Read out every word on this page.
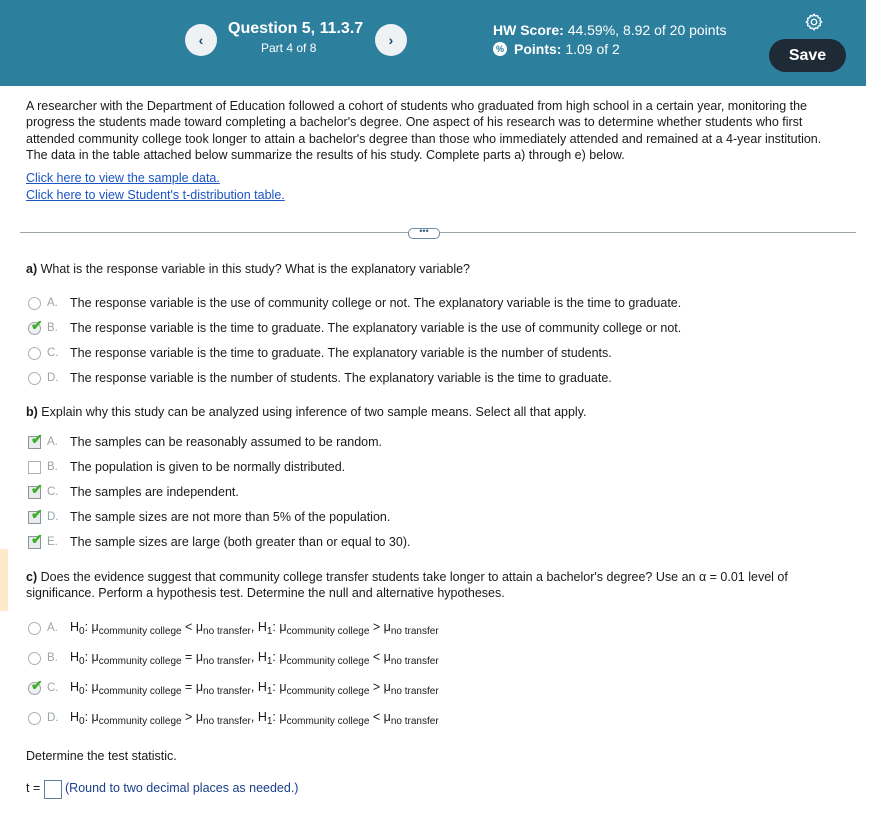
‹
Question 5, 11.3.7
Part 4 of 8	›
HW Score: 44.59%, 8.92 of 20 points
% Points:
1.09 of 2	Save
A researcher with the Department of Education followed a cohort of students who graduated from high school in a certain year, monitoring the progress the students made toward completing a bachelor's degree. One aspect of his research was to determine whether students who first attended community college took longer to attain a bachelor's degree than those who immediately attended and remained at a 4-year institution. The data in the table attached below summarize the results of his study. Complete parts a) through e) below.
Click here to view the sample data.
Click here to view Student's t-distribution table.
•••
a) What is the response variable in this study? What is the explanatory variable?
A. The response variable is the use of community college or not. The explanatory variable is the time to graduate.
✔ B. The response variable is the time to graduate. The explanatory variable is the use of community college or not.
C. The response variable is the time to graduate. The explanatory variable is the number of students.
D. The response variable is the number of students. The explanatory variable is the time to graduate.
b) Explain why this study can be analyzed using inference of two sample means. Select all that apply.
✔ A. The samples can be reasonably assumed to be random.
B. The population is given to be normally distributed.
✔ C. The samples are independent.
✔ D. The sample sizes are not more than 5% of the population.
✔ E. The sample sizes are large (both greater than or equal to 30).
c) Does the evidence suggest that community college transfer students take longer to attain a bachelor's degree? Use an α = 0.01 level of significance. Perform a hypothesis test. Determine the null and alternative hypotheses.
A. $H_0$: $\mu_{community college} < \mu_{no transfer}$, $H_1$: $\mu_{community college} > \mu_{no transfer}$
B. $H_0$: $\mu_{community college} = \mu_{no transfer}$, $H_1$: $\mu_{community college} < \mu_{no transfer}$
✔ C. $H_0$: $\mu_{community college} = \mu_{no transfer}$, $H_1$: $\mu_{community college} > \mu_{no transfer}$
D. $H_0$: $\mu_{community college} > \mu_{no transfer}$, $H_1$: $\mu_{community college} < \mu_{no transfer}$
Determine the test statistic.
t = (Round to two decimal places as needed.)
